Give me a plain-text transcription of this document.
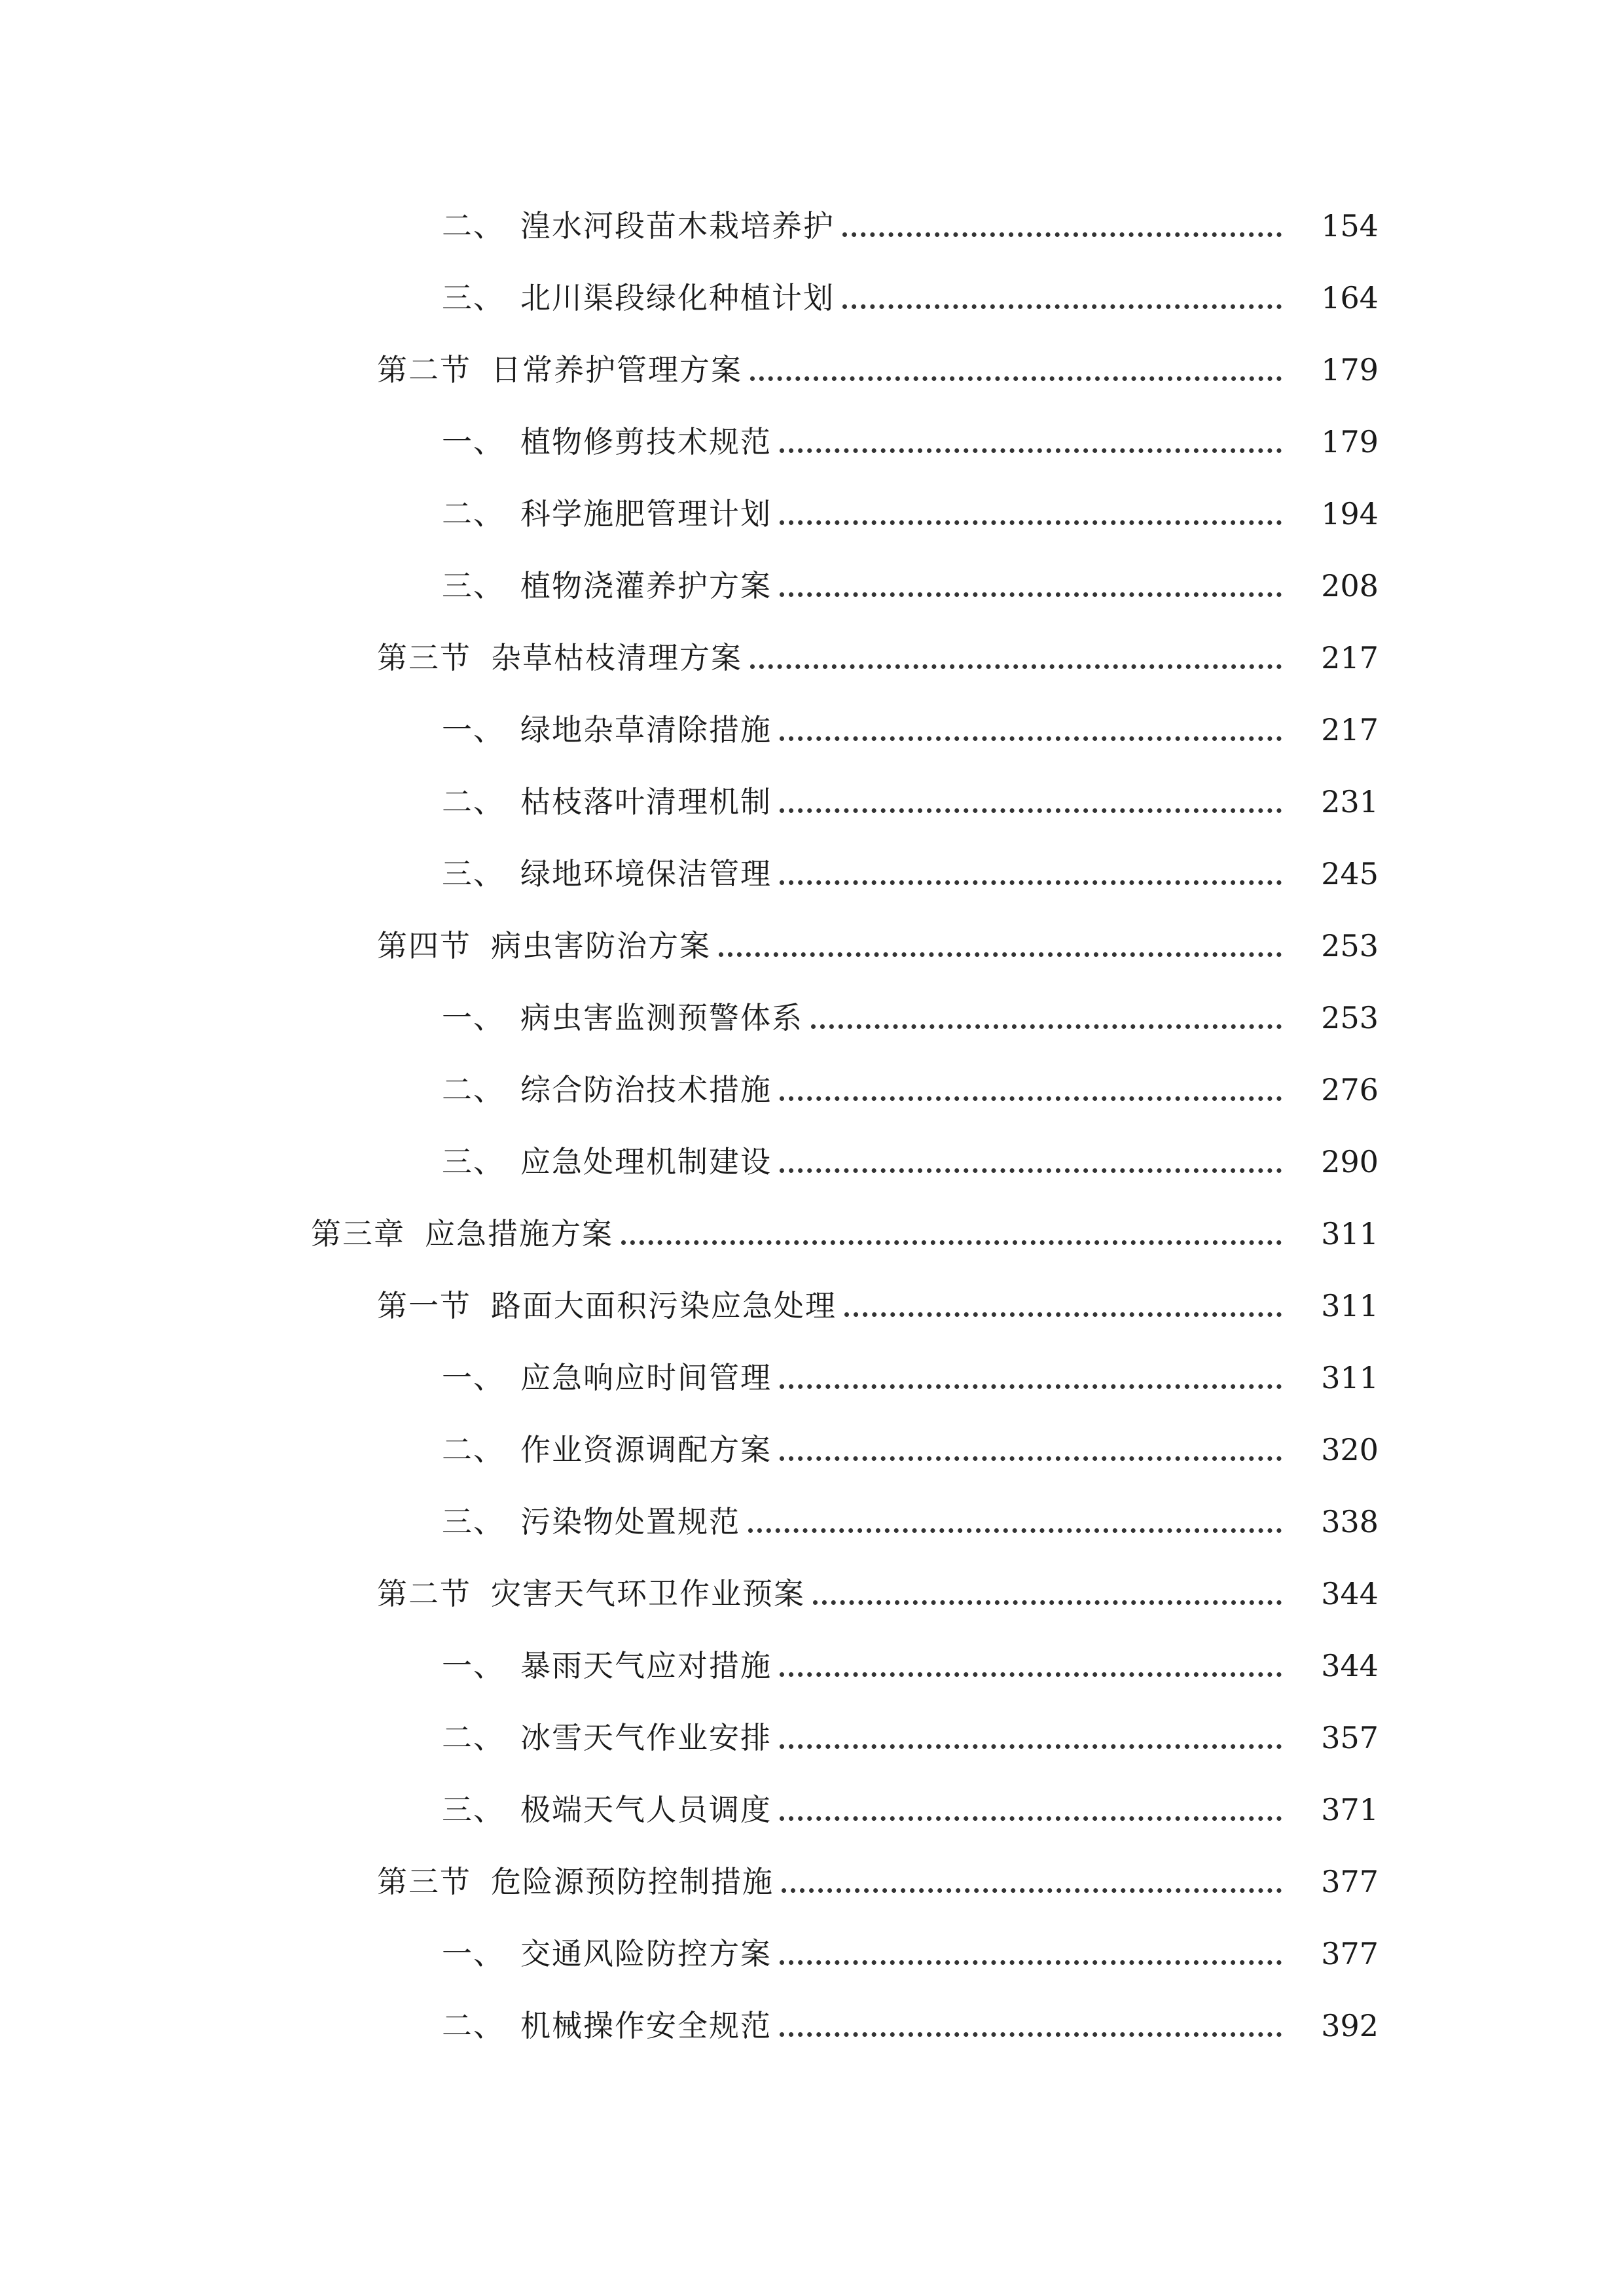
二、 湟水河段苗木栽培养护	154
三、 北川渠段绿化种植计划	164
第二节 日常养护管理方案	179
一、 植物修剪技术规范	179
二、 科学施肥管理计划	194
三、 植物浇灌养护方案	208
第三节 杂草枯枝清理方案	217
一、 绿地杂草清除措施	217
二、 枯枝落叶清理机制	231
三、 绿地环境保洁管理	245
第四节 病虫害防治方案	253
一、 病虫害监测预警体系	253
二、 综合防治技术措施	276
三、 应急处理机制建设	290
第三章 应急措施方案	311
第一节 路面大面积污染应急处理	311
一、 应急响应时间管理	311
二、 作业资源调配方案	320
三、 污染物处置规范	338
第二节 灾害天气环卫作业预案	344
一、 暴雨天气应对措施	344
二、 冰雪天气作业安排	357
三、 极端天气人员调度	371
第三节 危险源预防控制措施	377
一、 交通风险防控方案	377
二、 机械操作安全规范	392
